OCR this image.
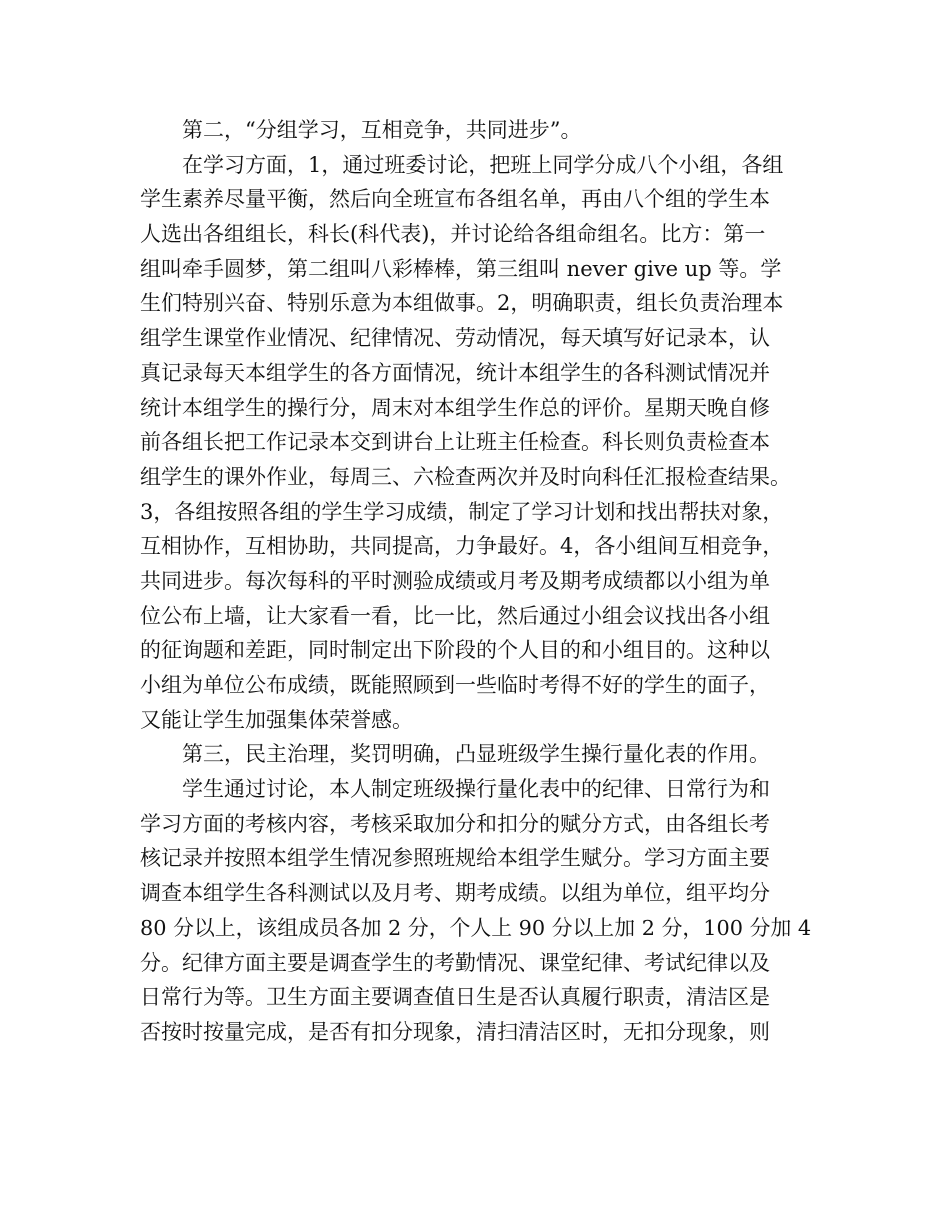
第二，“分组学习，互相竞争，共同进步”。
在学习方面，1，通过班委讨论，把班上同学分成八个小组，各组
学生素养尽量平衡，然后向全班宣布各组名单，再由八个组的学生本
人选出各组组长，科长(科代表)，并讨论给各组命组名。比方：第一
组叫牵手圆梦，第二组叫八彩棒棒，第三组叫 never give up 等。学
生们特别兴奋、特别乐意为本组做事。2，明确职责，组长负责治理本
组学生课堂作业情况、纪律情况、劳动情况，每天填写好记录本，认
真记录每天本组学生的各方面情况，统计本组学生的各科测试情况并
统计本组学生的操行分，周末对本组学生作总的评价。星期天晚自修
前各组长把工作记录本交到讲台上让班主任检查。科长则负责检查本
组学生的课外作业，每周三、六检查两次并及时向科任汇报检查结果。
3，各组按照各组的学生学习成绩，制定了学习计划和找出帮扶对象，
互相协作，互相协助，共同提高，力争最好。4，各小组间互相竞争，
共同进步。每次每科的平时测验成绩或月考及期考成绩都以小组为单
位公布上墙，让大家看一看，比一比，然后通过小组会议找出各小组
的征询题和差距，同时制定出下阶段的个人目的和小组目的。这种以
小组为单位公布成绩，既能照顾到一些临时考得不好的学生的面子，
又能让学生加强集体荣誉感。
第三，民主治理，奖罚明确，凸显班级学生操行量化表的作用。
学生通过讨论，本人制定班级操行量化表中的纪律、日常行为和
学习方面的考核内容，考核采取加分和扣分的赋分方式，由各组长考
核记录并按照本组学生情况参照班规给本组学生赋分。学习方面主要
调查本组学生各科测试以及月考、期考成绩。以组为单位，组平均分
80 分以上，该组成员各加 2 分，个人上 90 分以上加 2 分，100 分加 4
分。纪律方面主要是调查学生的考勤情况、课堂纪律、考试纪律以及
日常行为等。卫生方面主要调查值日生是否认真履行职责，清洁区是
否按时按量完成，是否有扣分现象，清扫清洁区时，无扣分现象，则
